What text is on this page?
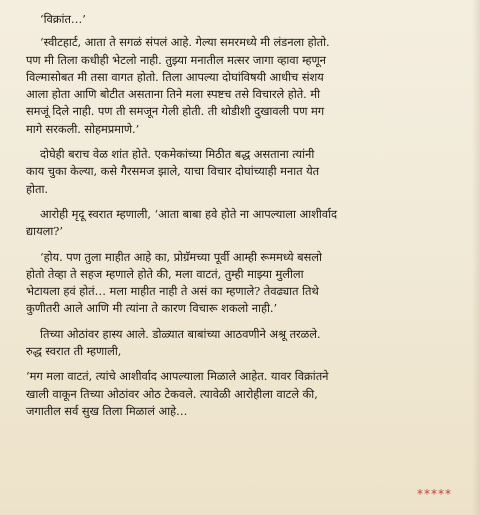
‘विक्रांत…’
‘स्वीटहार्ट, आता ते सगळं संपलं आहे. गेल्या समरमध्ये मी लंडनला होतो.
पण मी तिला कधीही भेटलो नाही. तुझ्या मनातील मत्सर जागा व्हावा म्हणून
विल्मासोबत मी तसा वागत होतो. तिला आपल्या दोघांविषयी आधीच संशय
आला होता आणि बोटीत असताना तिने मला स्पष्टच तसे विचारले होते. मी
समजूं दिले नाही. पण ती समजून गेली होती. ती थोडीशी दुखावली पण मग
मागे सरकली. सोहमप्रमाणे.’
दोघेही बराच वेळ शांत होते. एकमेकांच्या मिठीत बद्ध असताना त्यांनी
काय चुका केल्या, कसे गैरसमज झाले, याचा विचार दोघांच्याही मनात येत
होता.
आरोही मृदू स्वरात म्हणाली, ‘आता बाबा हवे होते ना आपल्याला आशीर्वाद
द्यायला?’
‘होय. पण तुला माहीत आहे का, प्रोग्रॅमच्या पूर्वी आम्ही रूममध्ये बसलो
होतो तेव्हा ते सहज म्हणाले होते की, मला वाटतं, तुम्ही माझ्या मुलीला
भेटायला हवं होतं… मला माहीत नाही ते असं का म्हणाले? तेवढ्यात तिथे
कुणीतरी आले आणि मी त्यांना ते कारण विचारू शकलो नाही.’
तिच्या ओठांवर हास्य आले. डोळ्यात बाबांच्या आठवणीने अश्रू तरळले.
रुद्ध स्वरात ती म्हणाली,
‘मग मला वाटतं, त्यांचे आशीर्वाद आपल्याला मिळाले आहेत. यावर विक्रांतने
खाली वाकून तिच्या ओठांवर ओठ टेकवले. त्यावेळी आरोहीला वाटले की,
जगातील सर्व सुख तिला मिळालं आहे…
*****
